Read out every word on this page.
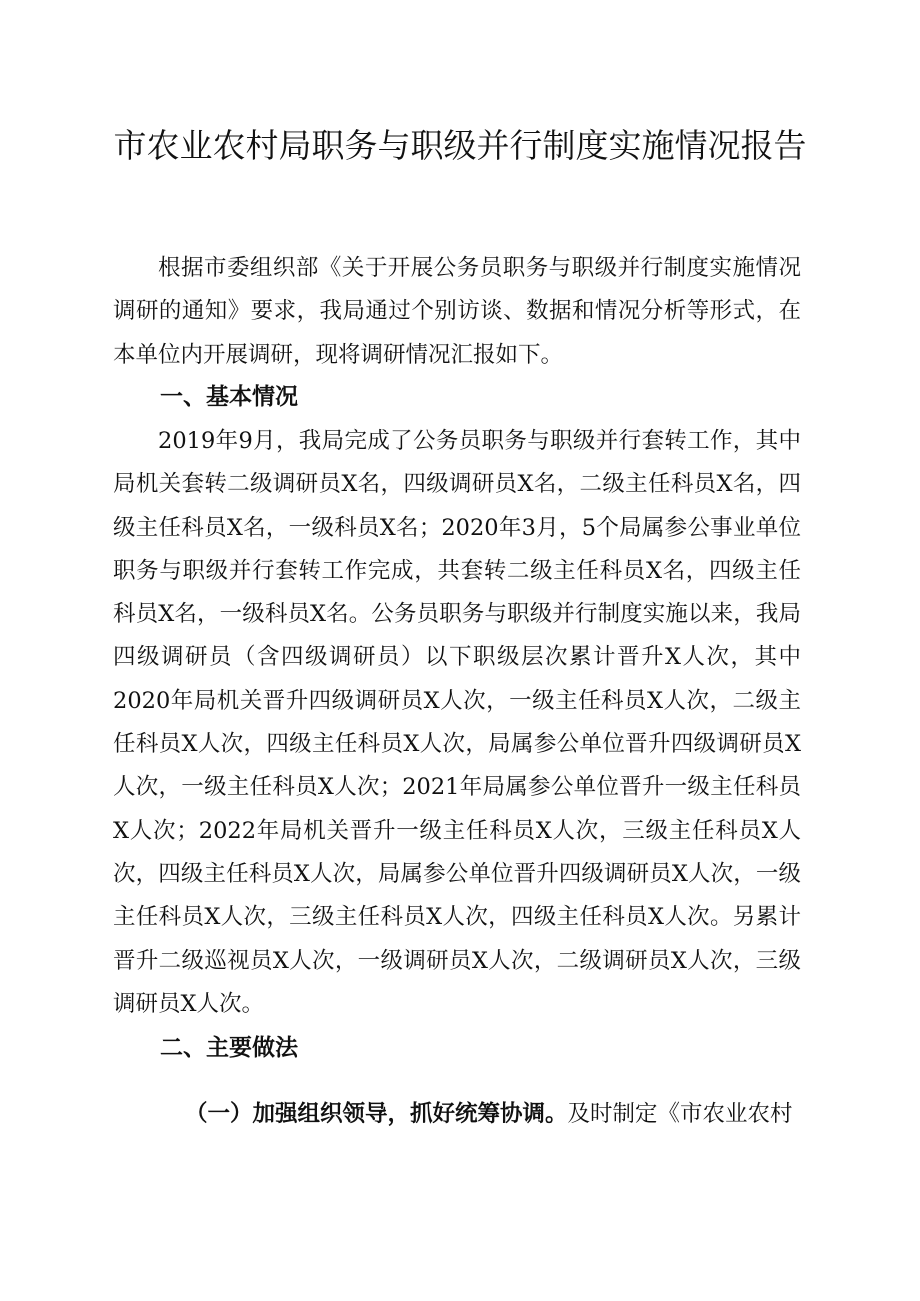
市农业农村局职务与职级并行制度实施情况报告

根据市委组织部《关于开展公务员职务与职级并行制度实施情况调研的通知》要求，我局通过个别访谈、数据和情况分析等形式，在本单位内开展调研，现将调研情况汇报如下。

一、基本情况

2019年9月，我局完成了公务员职务与职级并行套转工作，其中局机关套转二级调研员X名，四级调研员X名，二级主任科员X名，四级主任科员X名，一级科员X名；2020年3月，5个局属参公事业单位职务与职级并行套转工作完成，共套转二级主任科员X名，四级主任科员X名，一级科员X名。公务员职务与职级并行制度实施以来，我局四级调研员（含四级调研员）以下职级层次累计晋升X人次，其中2020年局机关晋升四级调研员X人次，一级主任科员X人次，二级主任科员X人次，四级主任科员X人次，局属参公单位晋升四级调研员X人次，一级主任科员X人次；2021年局属参公单位晋升一级主任科员X人次；2022年局机关晋升一级主任科员X人次，三级主任科员X人次，四级主任科员X人次，局属参公单位晋升四级调研员X人次，一级主任科员X人次，三级主任科员X人次，四级主任科员X人次。另累计晋升二级巡视员X人次，一级调研员X人次，二级调研员X人次，三级调研员X人次。

二、主要做法
（一）加强组织领导，抓好统筹协调。及时制定《市农业农村
